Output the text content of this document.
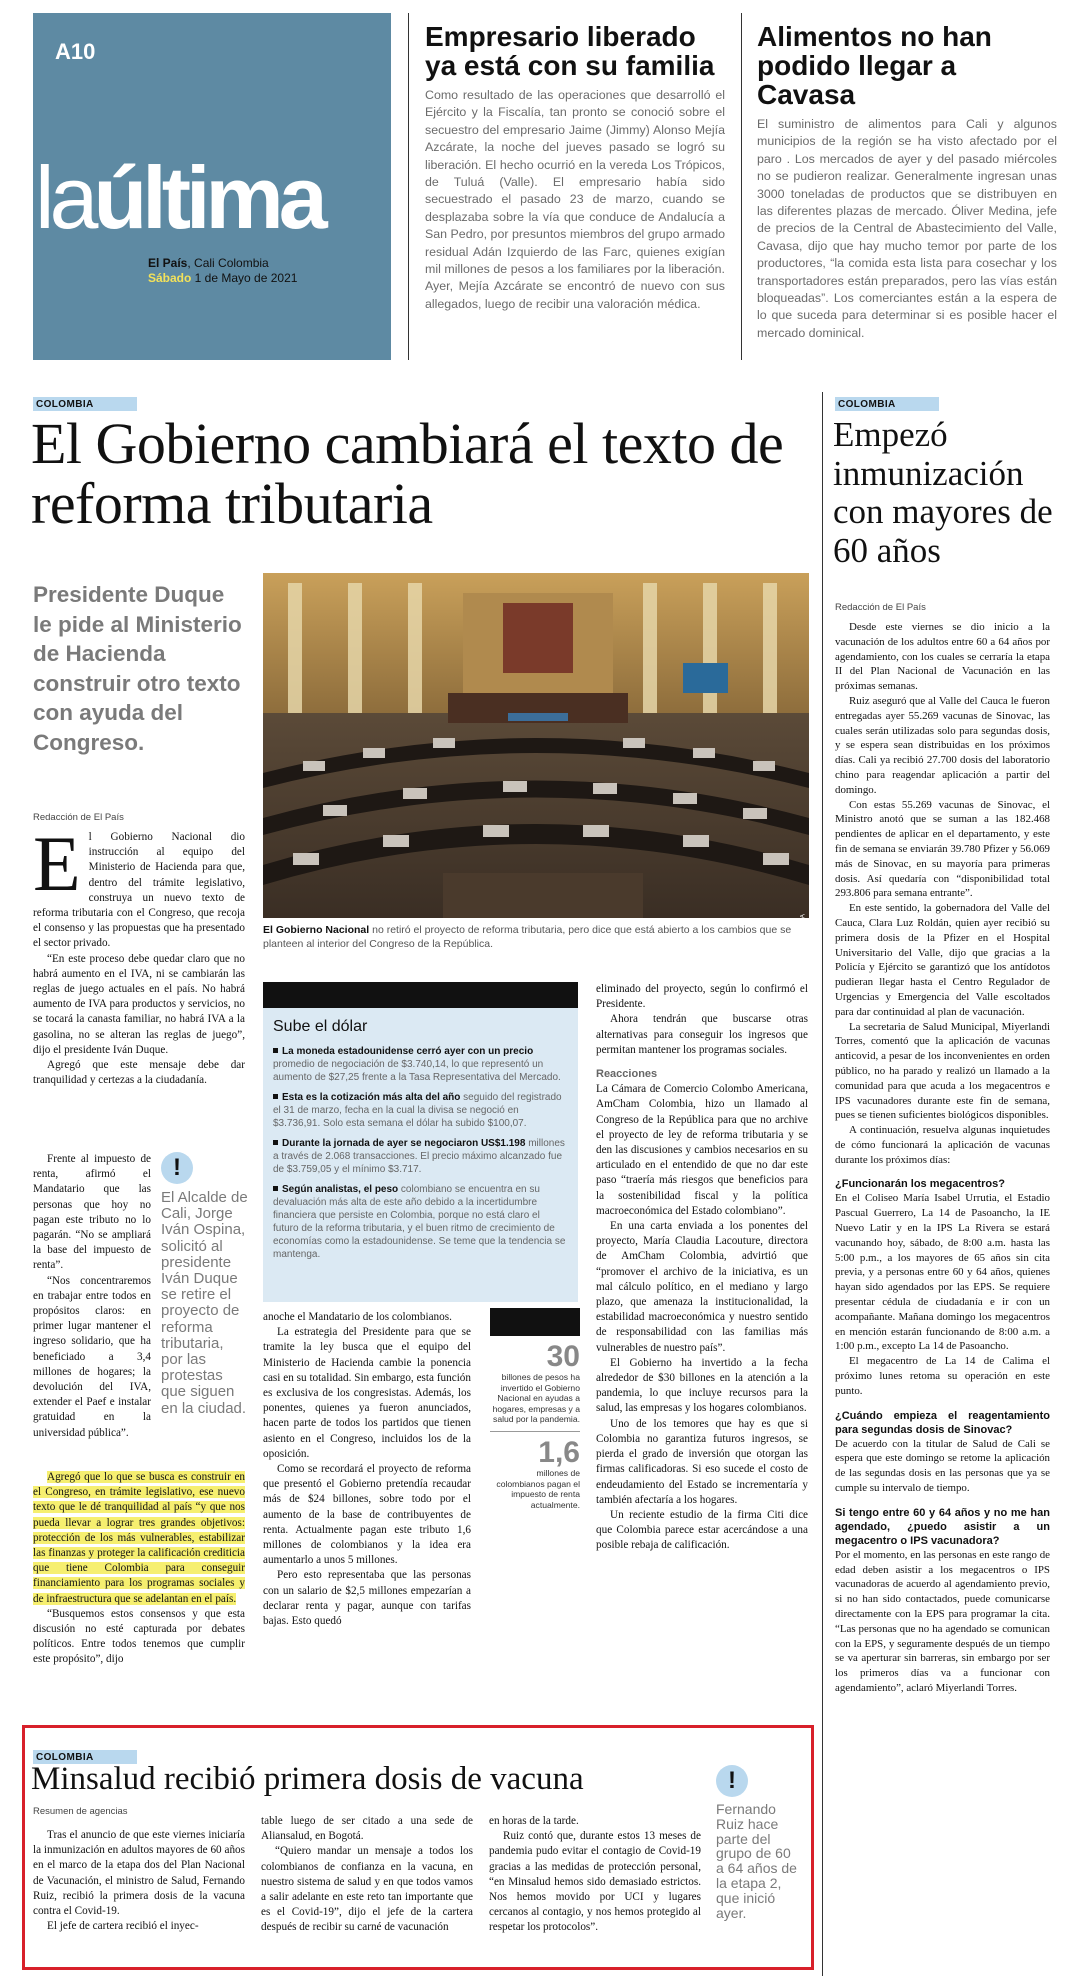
A10
laúltima
El País, Cali Colombia
Sábado 1 de Mayo de 2021
Empresario liberado ya está con su familia
Como resultado de las operaciones que desarrolló el Ejército y la Fiscalía, tan pronto se conoció sobre el secuestro del empresario Jaime (Jimmy) Alonso Mejía Azcárate, la noche del jueves pasado se logró su liberación. El hecho ocurrió en la vereda Los Trópicos, de Tuluá (Valle). El empresario había sido secuestrado el pasado 23 de marzo, cuando se desplazaba sobre la vía que conduce de Andalucía a San Pedro, por presuntos miembros del grupo armado residual Adán Izquierdo de las Farc, quienes exigían mil millones de pesos a los familiares por la liberación. Ayer, Mejía Azcárate se encontró de nuevo con sus allegados, luego de recibir una valoración médica.
Alimentos no han podido llegar a Cavasa
El suministro de alimentos para Cali y algunos municipios de la región se ha visto afectado por el paro . Los mercados de ayer y del pasado miércoles no se pudieron realizar. Generalmente ingresan unas 3000 toneladas de productos que se distribuyen en las diferentes plazas de mercado. Óliver Medina, jefe de precios de la Central de Abastecimiento del Valle, Cavasa, dijo que hay mucho temor por parte de los productores, “la comida esta lista para cosechar y los transportadores están preparados, pero las vías están bloqueadas”. Los comerciantes están a la espera de lo que suceda para determinar si es posible hacer el mercado dominical.
COLOMBIA
El Gobierno cambiará el texto de reforma tributaria
Presidente Duque le pide al Ministerio de Hacienda construir otro texto con ayuda del Congreso.
Redacción de El País
FOTO: ARCHIVO/COLPRENSA
El Gobierno Nacional no retiró el proyecto de reforma tributaria, pero dice que está abierto a los cambios que se planteen al interior del Congreso de la República.
E l Gobierno Nacional dio instrucción al equipo del Ministerio de Hacienda para que, dentro del trámite legislativo, construya un nuevo texto de reforma tributaria con el Congreso, que recoja el consenso y las propuestas que ha presentado el sector privado.

“En este proceso debe quedar claro que no habrá aumento en el IVA, ni se cambiarán las reglas de juego actuales en el país. No habrá aumento de IVA para productos y servicios, no se tocará la canasta familiar, no habrá IVA a la gasolina, no se alteran las reglas de juego”, dijo el presidente Iván Duque.

Agregó que este mensaje debe dar tranquilidad y certezas a la ciudadanía.

Frente al impuesto de renta, afirmó el Mandatario que las personas que hoy no pagan este tributo no lo pagarán. “No se ampliará la base del impuesto de renta”.

“Nos concentraremos en trabajar entre todos en propósitos claros: en primer lugar mantener el ingreso solidario, que ha beneficiado a 3,4 millones de hogares; la devolución del IVA, extender el Paef e instalar gratuidad en la universidad pública”.

!
El Alcalde de Cali, Jorge Iván Ospina, solicitó al presidente Iván Duque se retire el proyecto de reforma tributaria, por las protestas que siguen en la ciudad.

Agregó que lo que se busca es construir en el Congreso, en trámite legislativo, ese nuevo texto que le dé tranquilidad al país “y que nos pueda llevar a lograr tres grandes objetivos: protección de los más vulnerables, estabilizar las finanzas y proteger la calificación crediticia que tiene Colombia para conseguir financiamiento para los programas sociales y de infraestructura que se adelantan en el país.

“Busquemos estos consensos y que esta discusión no esté capturada por debates políticos. Entre todos tenemos que cumplir este propósito”, dijo

Sube el dólar
La moneda estadounidense cerró ayer con un precio promedio de negociación de $3.740,14, lo que representó un aumento de $27,25 frente a la Tasa Representativa del Mercado.
Esta es la cotización más alta del año seguido del registrado el 31 de marzo, fecha en la cual la divisa se negoció en $3.736,91. Solo esta semana el dólar ha subido $100,07.
Durante la jornada de ayer se negociaron US$1.198 millones a través de 2.068 transacciones. El precio máximo alcanzado fue de $3.759,05 y el mínimo $3.717.
Según analistas, el peso colombiano se encuentra en su devaluación más alta de este año debido a la incertidumbre financiera que persiste en Colombia, porque no está claro el futuro de la reforma tributaria, y el buen ritmo de crecimiento de economías como la estadounidense. Se teme que la tendencia se mantenga.

anoche el Mandatario de los colombianos.

La estrategia del Presidente para que se tramite la ley busca que el equipo del Ministerio de Hacienda cambie la ponencia casi en su totalidad. Sin embargo, esta función es exclusiva de los congresistas. Además, los ponentes, quienes ya fueron anunciados, hacen parte de todos los partidos que tienen asiento en el Congreso, incluidos los de la oposición.

Como se recordará el proyecto de reforma que presentó el Gobierno pretendía recaudar más de $24 billones, sobre todo por el aumento de la base de contribuyentes de renta. Actualmente pagan este tributo 1,6 millones de colombianos y la idea era aumentarlo a unos 5 millones.

Pero esto representaba que las personas con un salario de $2,5 millones empezarían a declarar renta y pagar, aunque con tarifas bajas. Esto quedó

30
billones de pesos ha invertido el Gobierno Nacional en ayudas a hogares, empresas y a salud por la pandemia.
1,6
millones de colombianos pagan el impuesto de renta actualmente.

eliminado del proyecto, según lo confirmó el Presidente.

Ahora tendrán que buscarse otras alternativas para conseguir los ingresos que permitan mantener los programas sociales.

Reacciones

La Cámara de Comercio Colombo Americana, AmCham Colombia, hizo un llamado al Congreso de la República para que no archive el proyecto de ley de reforma tributaria y se den las discusiones y cambios necesarios en su articulado en el entendido de que no dar este paso “traería más riesgos que beneficios para la sostenibilidad fiscal y la política macroeconómica del Estado colombiano”.

En una carta enviada a los ponentes del proyecto, María Claudia Lacouture, directora de AmCham Colombia, advirtió que “promover el archivo de la iniciativa, es un mal cálculo político, en el mediano y largo plazo, que amenaza la institucionalidad, la estabilidad macroeconómica y nuestro sentido de responsabilidad con las familias más vulnerables de nuestro país”.

El Gobierno ha invertido a la fecha alrededor de $30 billones en la atención a la pandemia, lo que incluye recursos para la salud, las empresas y los hogares colombianos.

Uno de los temores que hay es que si Colombia no garantiza futuros ingresos, se pierda el grado de inversión que otorgan las firmas calificadoras. Si eso sucede el costo de endeudamiento del Estado se incrementaría y también afectaría a los hogares.

Un reciente estudio de la firma Citi dice que Colombia parece estar acercándose a una posible rebaja de calificación.

COLOMBIA
Empezó inmunización con mayores de 60 años
Redacción de El País

Desde este viernes se dio inicio a la vacunación de los adultos entre 60 a 64 años por agendamiento, con los cuales se cerraría la etapa II del Plan Nacional de Vacunación en las próximas semanas.

Ruiz aseguró que al Valle del Cauca le fueron entregadas ayer 55.269 vacunas de Sinovac, las cuales serán utilizadas solo para segundas dosis, y se espera sean distribuidas en los próximos días. Cali ya recibió 27.700 dosis del laboratorio chino para reagendar aplicación a partir del domingo.

Con estas 55.269 vacunas de Sinovac, el Ministro anotó que se suman a las 182.468 pendientes de aplicar en el departamento, y este fin de semana se enviarán 39.780 Pfizer y 56.069 más de Sinovac, en su mayoría para primeras dosis. Así quedaría con “disponibilidad total 293.806 para semana entrante”.

En este sentido, la gobernadora del Valle del Cauca, Clara Luz Roldán, quien ayer recibió su primera dosis de la Pfizer en el Hospital Universitario del Valle, dijo que gracias a la Policía y Ejército se garantizó que los antídotos pudieran llegar hasta el Centro Regulador de Urgencias y Emergencia del Valle escoltados para dar continuidad al plan de vacunación.

La secretaria de Salud Municipal, Miyerlandi Torres, comentó que la aplicación de vacunas anticovid, a pesar de los inconvenientes en orden público, no ha parado y realizó un llamado a la comunidad para que acuda a los megacentros e IPS vacunadores durante este fin de semana, pues se tienen suficientes biológicos disponibles.

A continuación, resuelva algunas inquietudes de cómo funcionará la aplicación de vacunas durante los próximos días:

¿Funcionarán los megacentros?

En el Coliseo María Isabel Urrutia, el Estadio Pascual Guerrero, La 14 de Pasoancho, la IE Nuevo Latir y en la IPS La Rivera se estará vacunando hoy, sábado, de 8:00 a.m. hasta las 5:00 p.m., a los mayores de 65 años sin cita previa, y a personas entre 60 y 64 años, quienes hayan sido agendados por las EPS. Se requiere presentar cédula de ciudadanía e ir con un acompañante. Mañana domingo los megacentros en mención estarán funcionando de 8:00 a.m. a 1:00 p.m., excepto La 14 de Pasoancho.

El megacentro de La 14 de Calima el próximo lunes retoma su operación en este punto.

¿Cuándo empieza el reagentamiento para segundas dosis de Sinovac?

De acuerdo con la titular de Salud de Cali se espera que este domingo se retome la aplicación de las segundas dosis en las personas que ya se cumple su intervalo de tiempo.

Si tengo entre 60 y 64 años y no me han agendado, ¿puedo asistir a un megacentro o IPS vacunadora?

Por el momento, en las personas en este rango de edad deben asistir a los megacentros o IPS vacunadoras de acuerdo al agendamiento previo, si no han sido contactados, puede comunicarse directamente con la EPS para programar la cita. “Las personas que no ha agendado se comunican con la EPS, y seguramente después de un tiempo se va aperturar sin barreras, sin embargo por ser los primeros días va a funcionar con agendamiento”, aclaró Miyerlandi Torres.

COLOMBIA
Minsalud recibió primera dosis de vacuna
Resumen de agencias

Tras el anuncio de que este viernes iniciaría la inmunización en adultos mayores de 60 años en el marco de la etapa dos del Plan Nacional de Vacunación, el ministro de Salud, Fernando Ruiz, recibió la primera dosis de la vacuna contra el Covid-19.

El jefe de cartera recibió el inyec-

table luego de ser citado a una sede de Aliansalud, en Bogotá.

“Quiero mandar un mensaje a todos los colombianos de confianza en la vacuna, en nuestro sistema de salud y en que todos vamos a salir adelante en este reto tan importante que es el Covid-19”, dijo el jefe de la cartera después de recibir su carné de vacunación

en horas de la tarde.

Ruiz contó que, durante estos 13 meses de pandemia pudo evitar el contagio de Covid-19 gracias a las medidas de protección personal, “en Minsalud hemos sido demasiado estrictos. Nos hemos movido por UCI y lugares cercanos al contagio, y nos hemos protegido al respetar los protocolos”.

!
Fernando Ruiz hace parte del grupo de 60 a 64 años de la etapa 2, que inició ayer.
